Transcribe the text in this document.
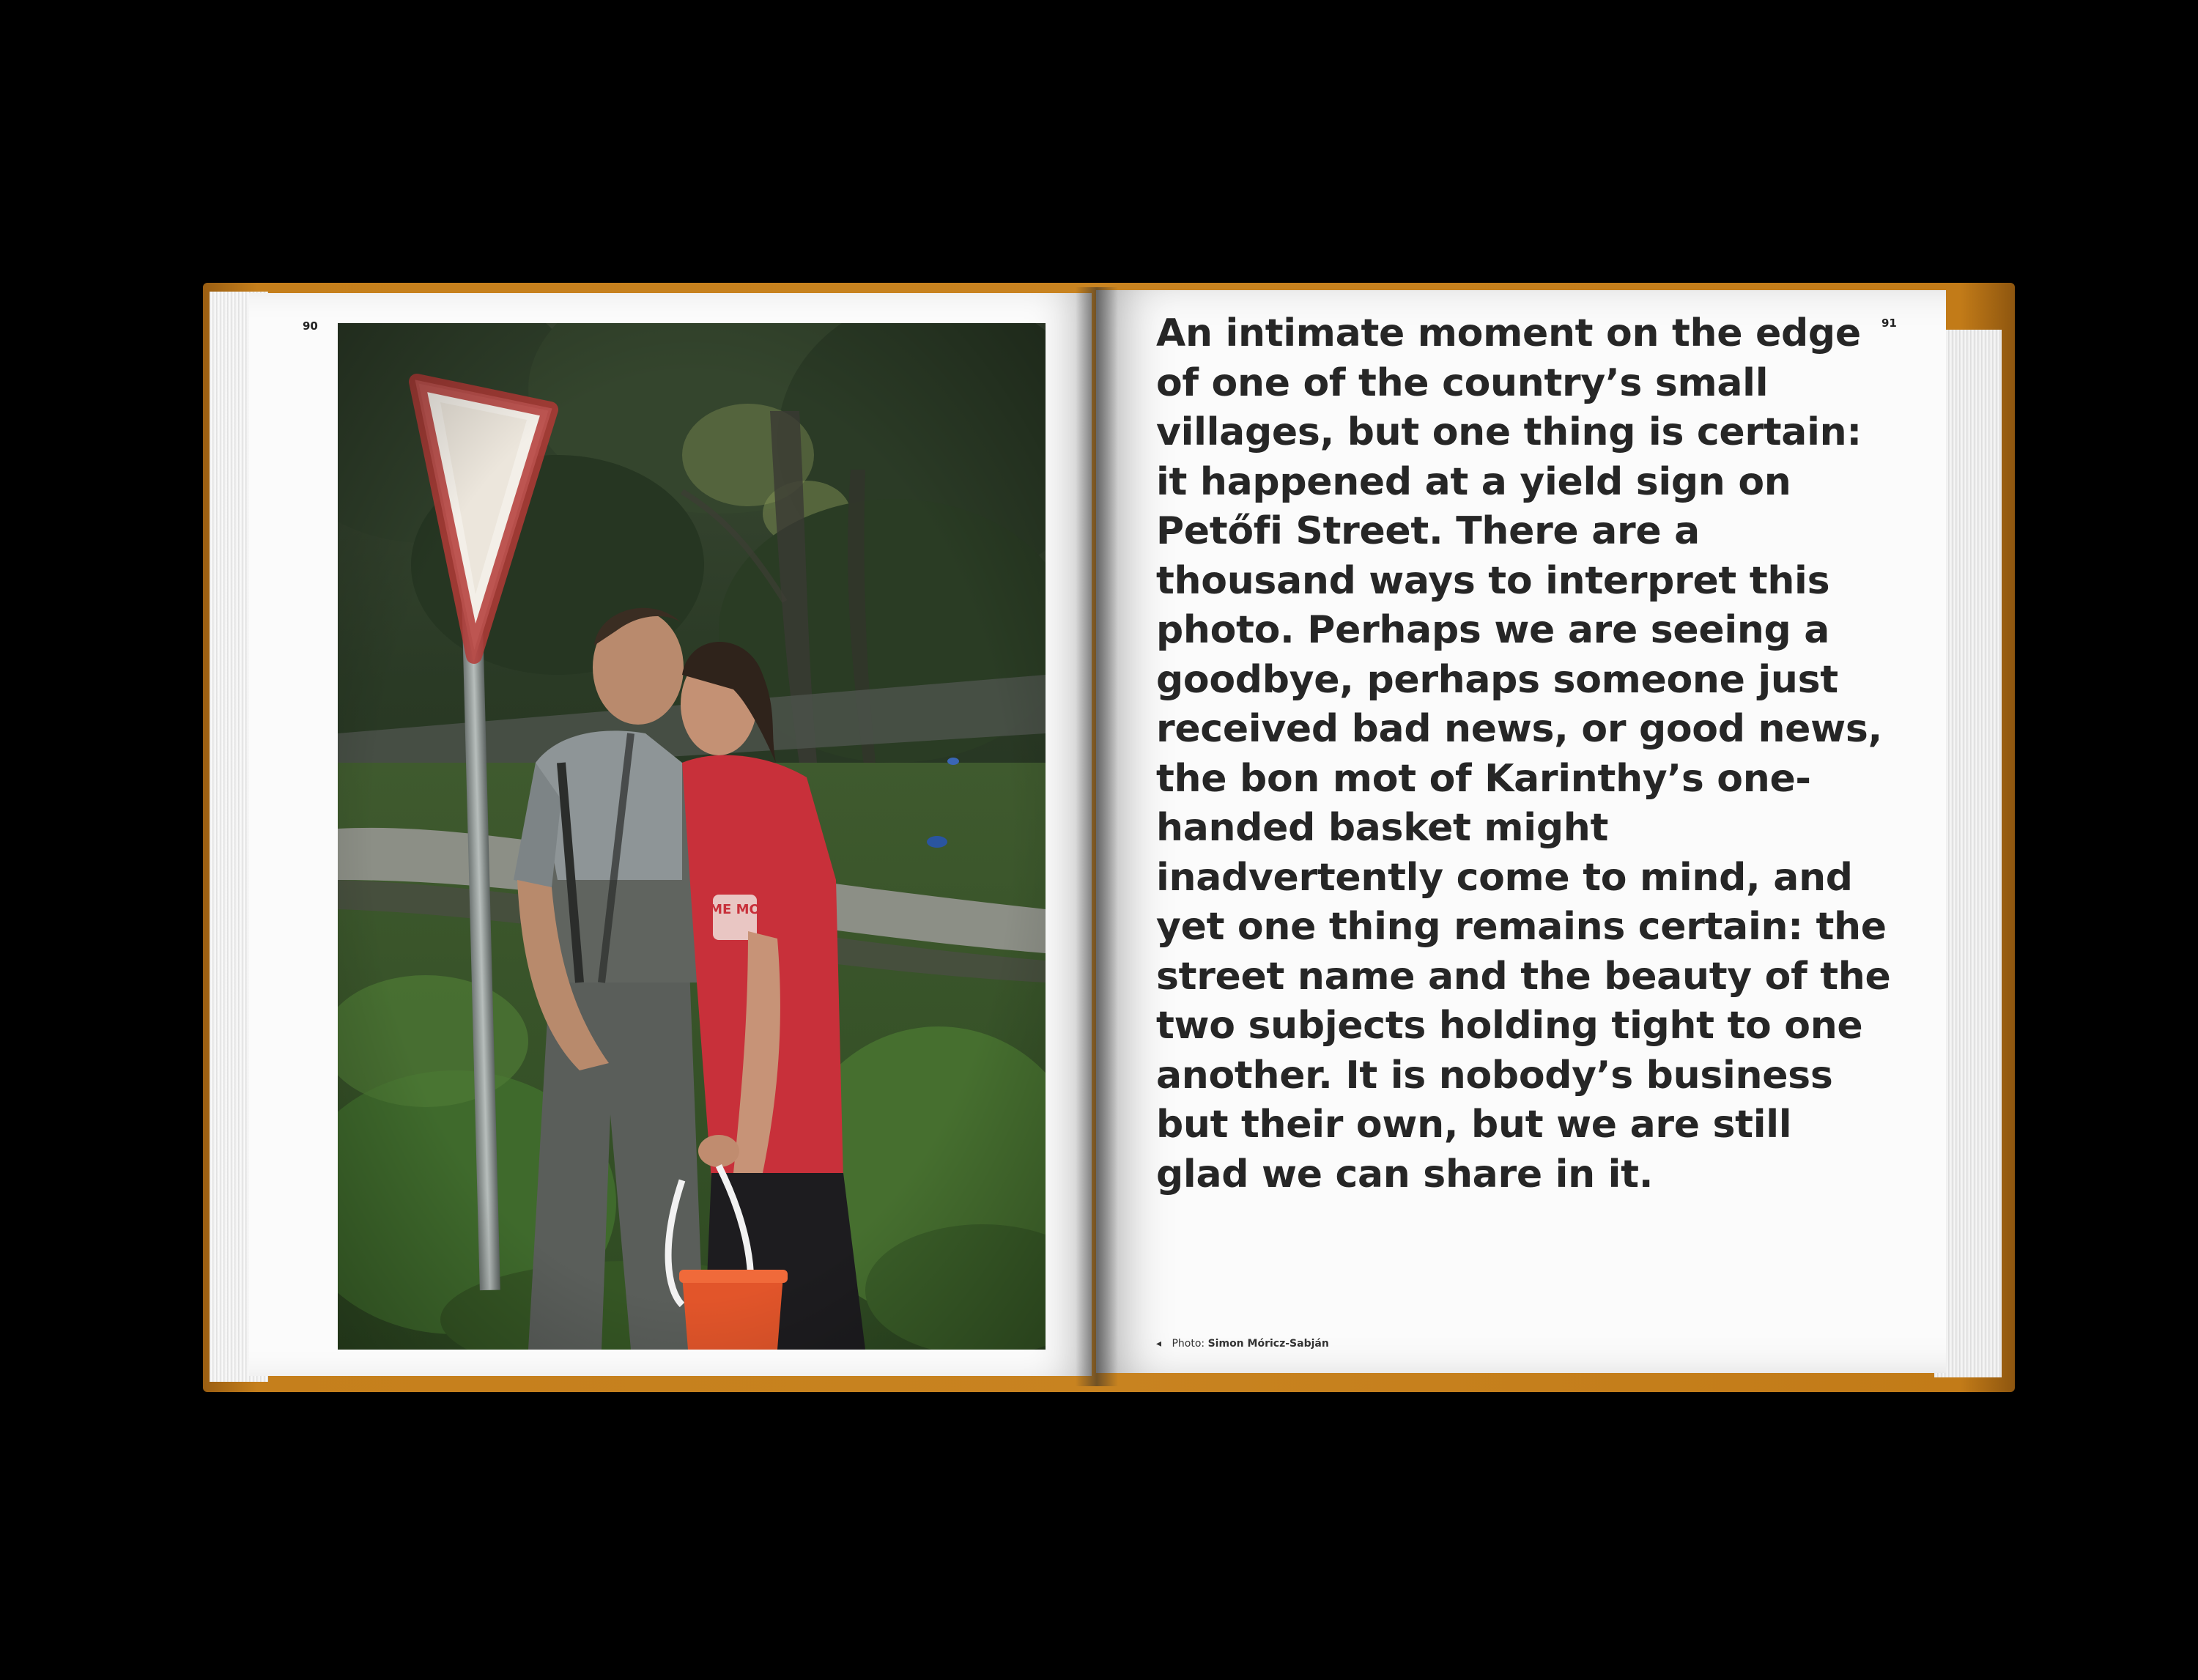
90	91

An intimate moment on the edge of one of the country’s small villages, but one thing is certain: it happened at a yield sign on Petőfi Street. There are a thousand ways to interpret this photo. Perhaps we are seeing a goodbye, perhaps someone just received bad news, or good news, the bon mot of Karinthy’s one-handed basket might inadvertently come to mind, and yet one thing remains certain: the street name and the beauty of the two subjects holding tight to one another. It is nobody’s business but their own, but we are still glad we can share in it.

◂ Photo: Simon Móricz-Sabján
